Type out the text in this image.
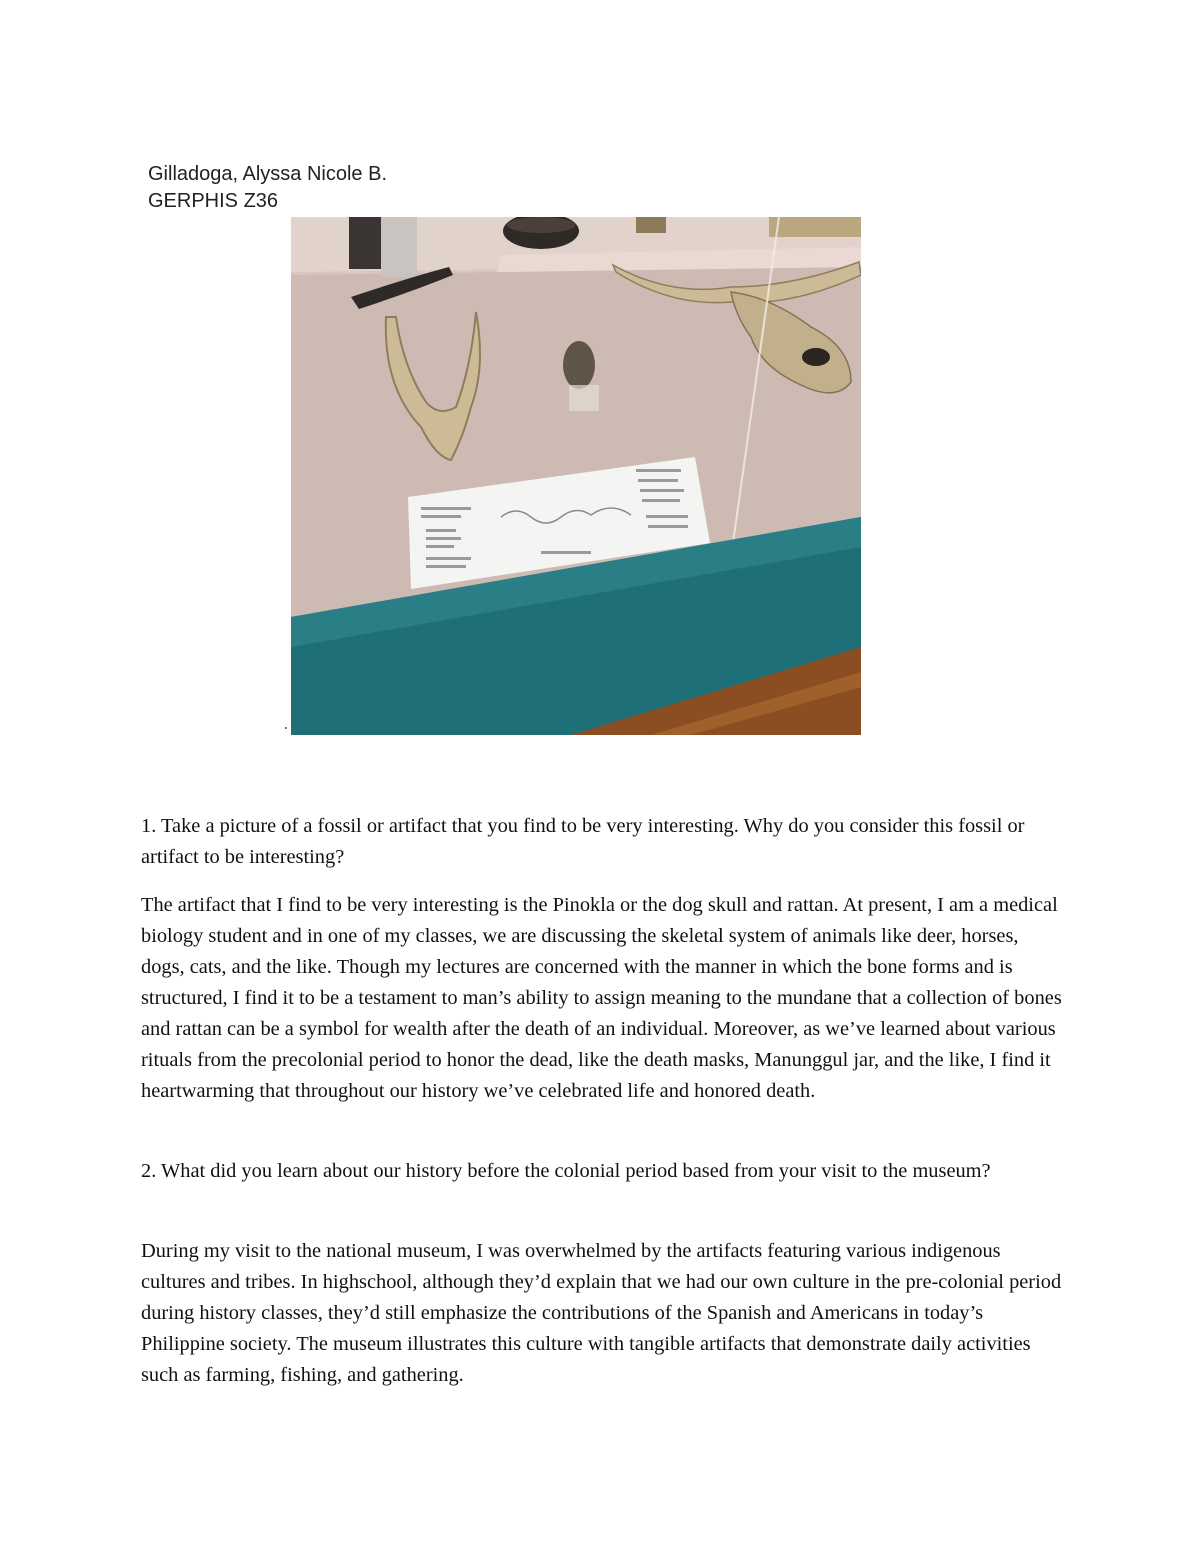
Gilladoga, Alyssa Nicole B.
GERPHIS Z36

1. Take a picture of a fossil or artifact that you find to be very interesting. Why do you consider this fossil or artifact to be interesting?

The artifact that I find to be very interesting is the Pinokla or the dog skull and rattan. At present, I am a medical biology student and in one of my classes, we are discussing the skeletal system of animals like deer, horses, dogs, cats, and the like. Though my lectures are concerned with the manner in which the bone forms and is structured, I find it to be a testament to man’s ability to assign meaning to the mundane that a collection of bones and rattan can be a symbol for wealth after the death of an individual. Moreover, as we’ve learned about various rituals from the precolonial period to honor the dead, like the death masks, Manunggul jar, and the like, I find it heartwarming that throughout our history we’ve celebrated life and honored death.

2. What did you learn about our history before the colonial period based from your visit to the museum?

During my visit to the national museum, I was overwhelmed by the artifacts featuring various indigenous cultures and tribes. In highschool, although they’d explain that we had our own culture in the pre-colonial period during history classes, they’d still emphasize the contributions of the Spanish and Americans in today’s Philippine society. The museum illustrates this culture with tangible artifacts that demonstrate daily activities such as farming, fishing, and gathering.
